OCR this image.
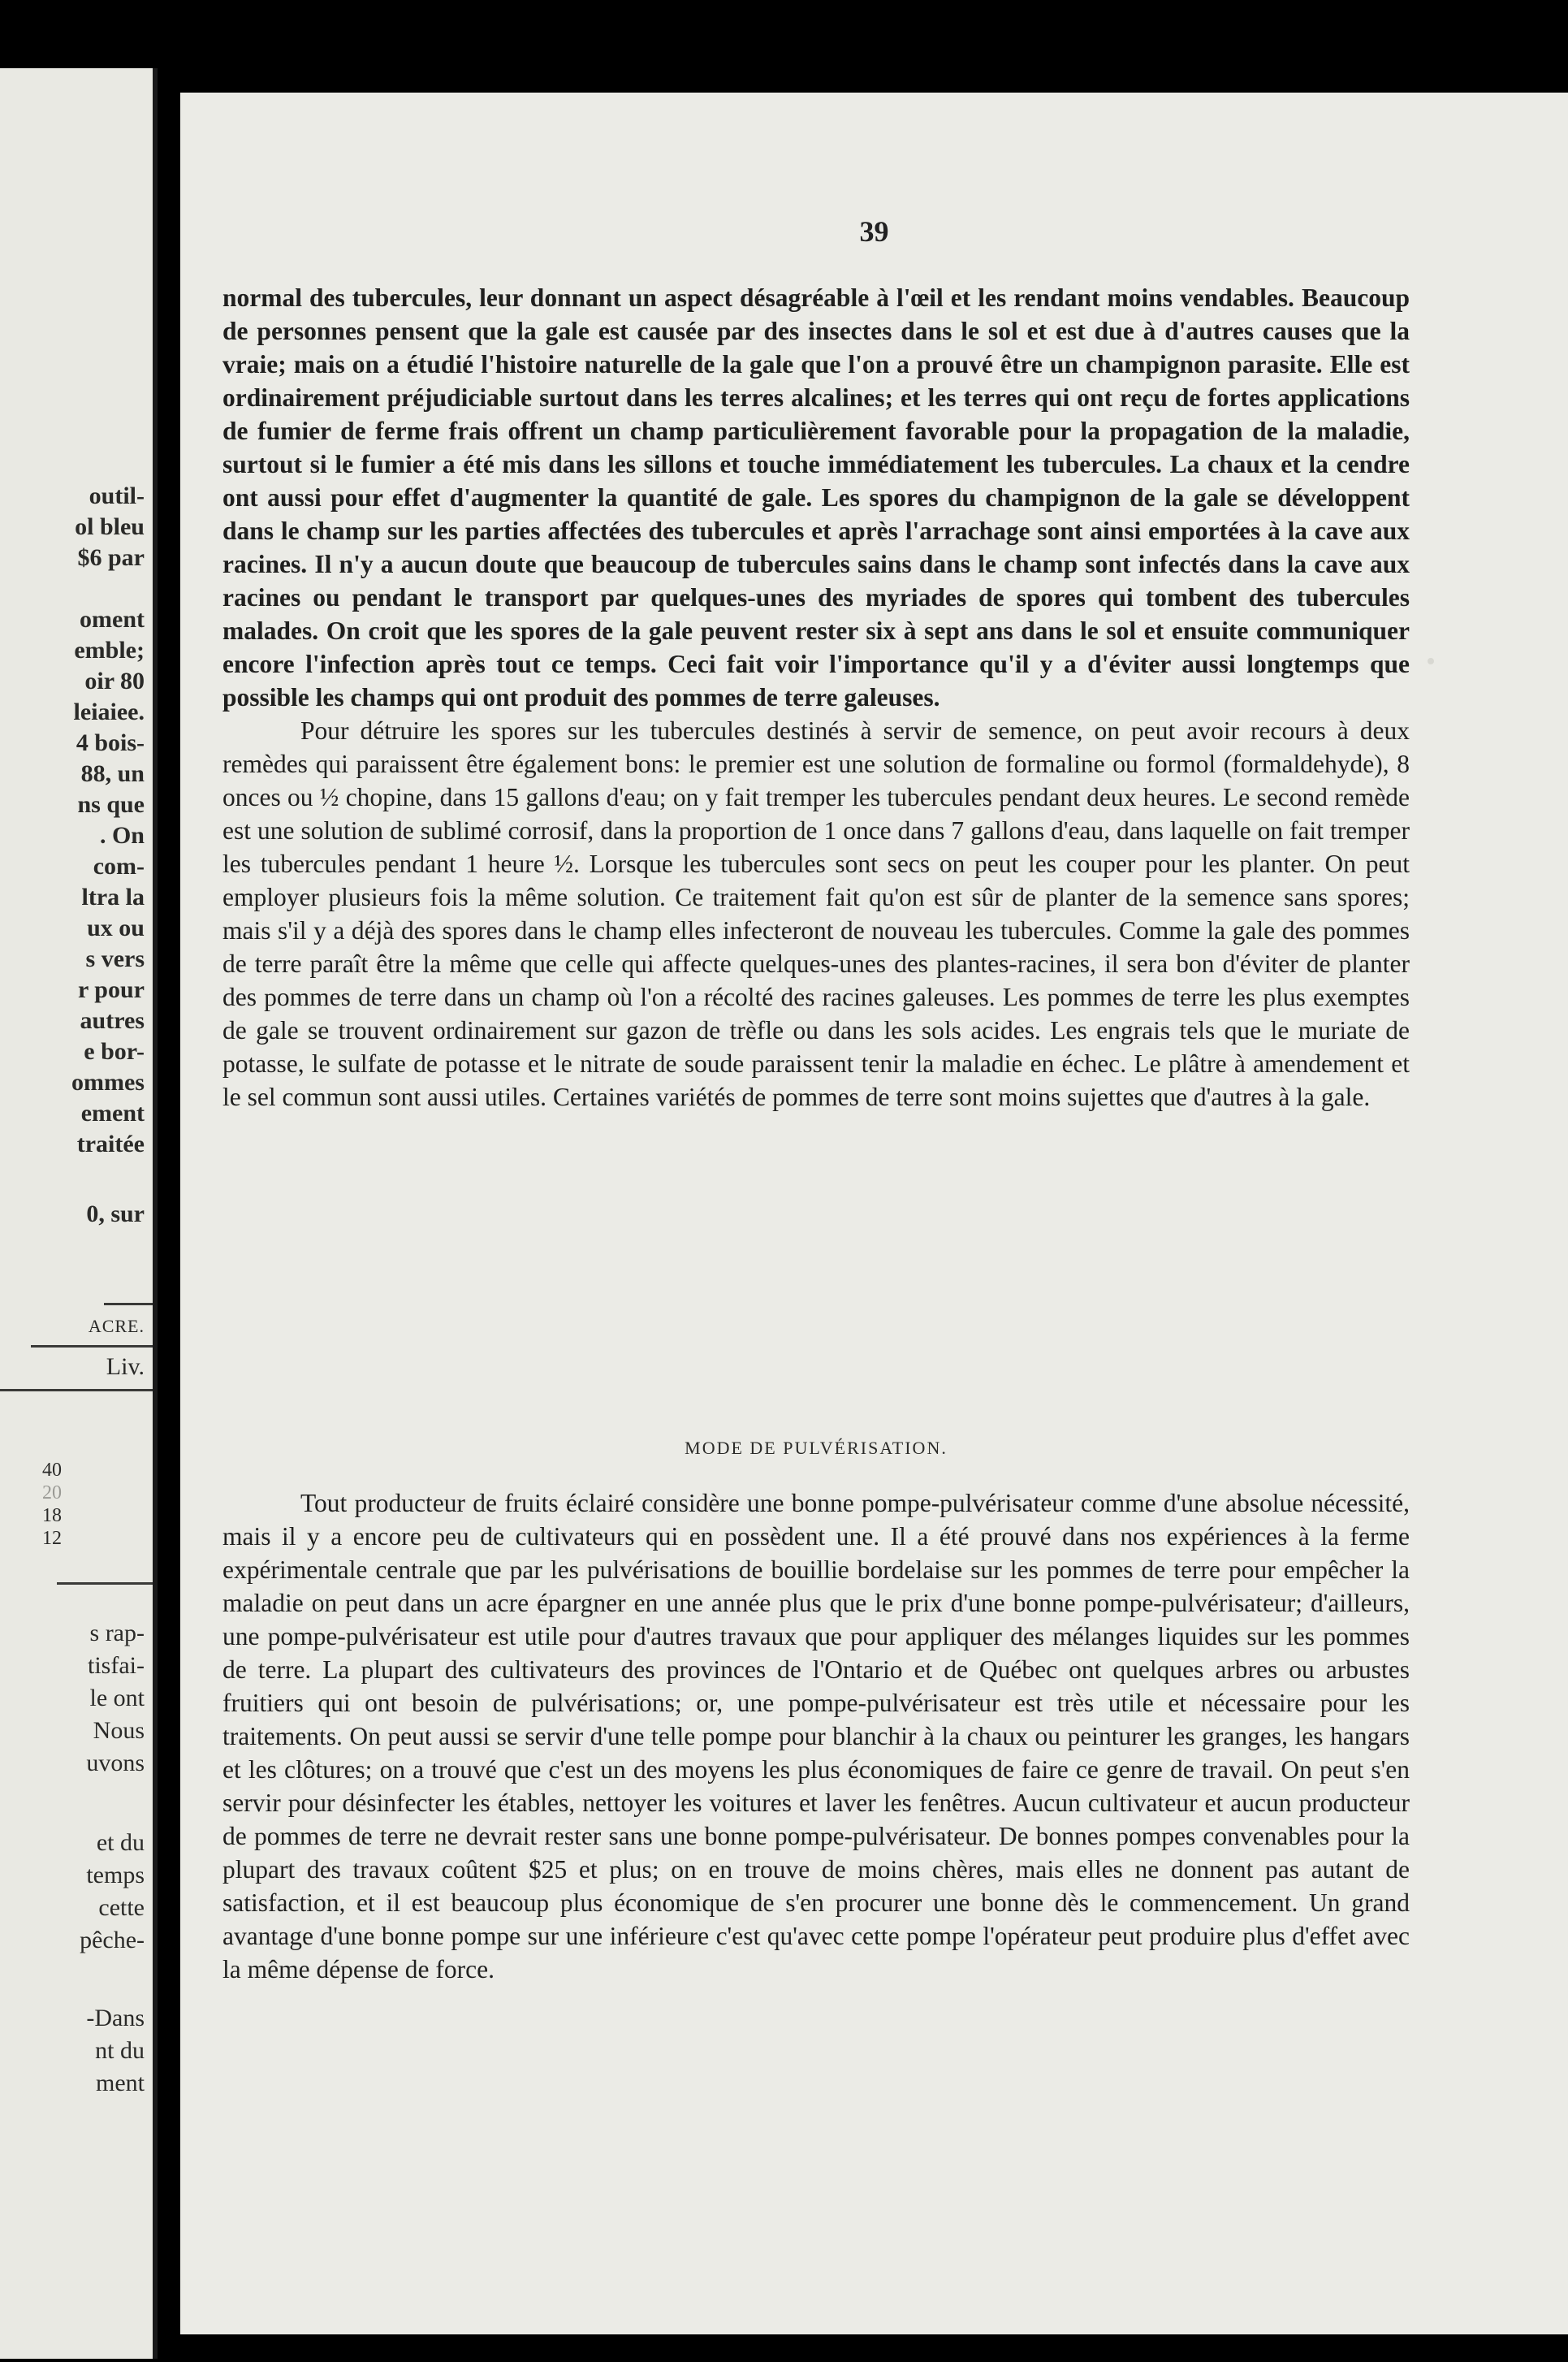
outil-

ol bleu

$6 par

oment

emble;

oir 80

leiaiee.

4 bois-

88, un

ns que

. On

com-

ltra la

ux ou

s vers

r pour

autres

e bor-

ommes

ement

traitée

0, sur

ACRE.

Liv.

40

20

18

12

s rap-

tisfai-

le ont

Nous

uvons

et du

temps

cette

pêche-

-Dans

nt du

ment

39

normal des tubercules, leur donnant un aspect désagréable à l'œil et les rendant moins vendables. Beaucoup de personnes pensent que la gale est causée par des insectes dans le sol et est due à d'autres causes que la vraie; mais on a étudié l'histoire naturelle de la gale que l'on a prouvé être un champignon parasite. Elle est ordinairement préjudiciable surtout dans les terres alcalines; et les terres qui ont reçu de fortes applications de fumier de ferme frais offrent un champ particulièrement favorable pour la propagation de la maladie, surtout si le fumier a été mis dans les sillons et touche immédiatement les tubercules. La chaux et la cendre ont aussi pour effet d'augmenter la quantité de gale. Les spores du champignon de la gale se développent dans le champ sur les parties affectées des tubercules et après l'arrachage sont ainsi emportées à la cave aux racines. Il n'y a aucun doute que beaucoup de tubercules sains dans le champ sont infectés dans la cave aux racines ou pendant le transport par quelques-unes des myriades de spores qui tombent des tubercules malades. On croit que les spores de la gale peuvent rester six à sept ans dans le sol et ensuite communiquer encore l'infection après tout ce temps. Ceci fait voir l'importance qu'il y a d'éviter aussi longtemps que possible les champs qui ont produit des pommes de terre galeuses.

Pour détruire les spores sur les tubercules destinés à servir de semence, on peut avoir recours à deux remèdes qui paraissent être également bons: le premier est une solution de formaline ou formol (formaldehyde), 8 onces ou ½ chopine, dans 15 gallons d'eau; on y fait tremper les tubercules pendant deux heures. Le second remède est une solution de sublimé corrosif, dans la proportion de 1 once dans 7 gallons d'eau, dans laquelle on fait tremper les tubercules pendant 1 heure ½. Lorsque les tubercules sont secs on peut les couper pour les planter. On peut employer plusieurs fois la même solution. Ce traitement fait qu'on est sûr de planter de la semence sans spores; mais s'il y a déjà des spores dans le champ elles infecteront de nouveau les tubercules. Comme la gale des pommes de terre paraît être la même que celle qui affecte quelques-unes des plantes-racines, il sera bon d'éviter de planter des pommes de terre dans un champ où l'on a récolté des racines galeuses. Les pommes de terre les plus exemptes de gale se trouvent ordinairement sur gazon de trèfle ou dans les sols acides. Les engrais tels que le muriate de potasse, le sulfate de potasse et le nitrate de soude paraissent tenir la maladie en échec. Le plâtre à amendement et le sel commun sont aussi utiles. Certaines variétés de pommes de terre sont moins sujettes que d'autres à la gale.

MODE DE PULVÉRISATION.

Tout producteur de fruits éclairé considère une bonne pompe-pulvérisateur comme d'une absolue nécessité, mais il y a encore peu de cultivateurs qui en possèdent une. Il a été prouvé dans nos expériences à la ferme expérimentale centrale que par les pulvérisations de bouillie bordelaise sur les pommes de terre pour empêcher la maladie on peut dans un acre épargner en une année plus que le prix d'une bonne pompe-pulvérisateur; d'ailleurs, une pompe-pulvérisateur est utile pour d'autres travaux que pour appliquer des mélanges liquides sur les pommes de terre. La plupart des cultivateurs des provinces de l'Ontario et de Québec ont quelques arbres ou arbustes fruitiers qui ont besoin de pulvérisations; or, une pompe-pulvérisateur est très utile et nécessaire pour les traitements. On peut aussi se servir d'une telle pompe pour blanchir à la chaux ou peinturer les granges, les hangars et les clôtures; on a trouvé que c'est un des moyens les plus économiques de faire ce genre de travail. On peut s'en servir pour désinfecter les étables, nettoyer les voitures et laver les fenêtres. Aucun cultivateur et aucun producteur de pommes de terre ne devrait rester sans une bonne pompe-pulvérisateur. De bonnes pompes convenables pour la plupart des travaux coûtent $25 et plus; on en trouve de moins chères, mais elles ne donnent pas autant de satisfaction, et il est beaucoup plus économique de s'en procurer une bonne dès le commencement. Un grand avantage d'une bonne pompe sur une inférieure c'est qu'avec cette pompe l'opérateur peut produire plus d'effet avec la même dépense de force.
